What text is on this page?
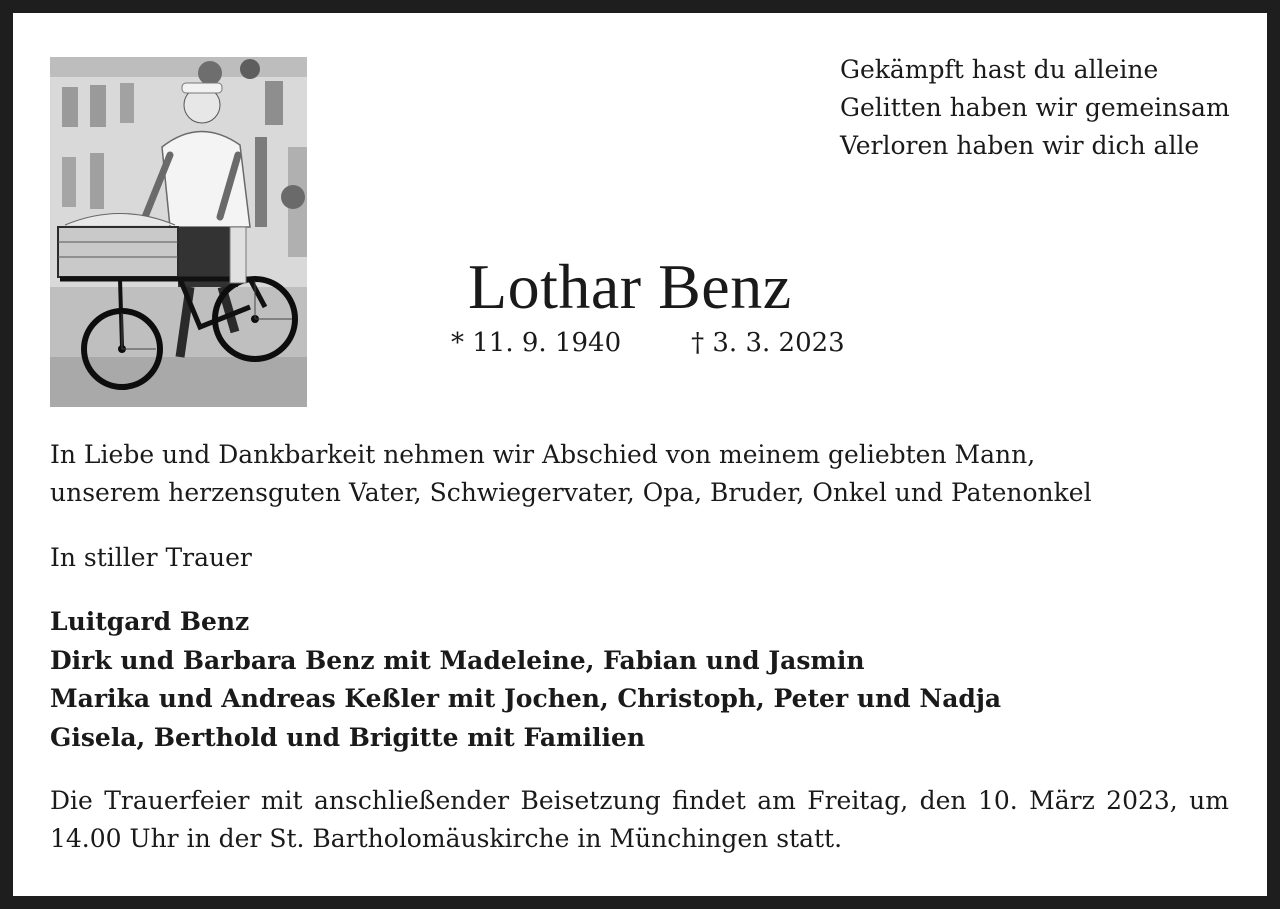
Gekämpft hast du alleine
Gelitten haben wir gemeinsam
Verloren haben wir dich alle
Lothar Benz
* 11. 9. 1940	† 3. 3. 2023
In Liebe und Dankbarkeit nehmen wir Abschied von meinem geliebten Mann,
unserem herzensguten Vater, Schwiegervater, Opa, Bruder, Onkel und Patenonkel
In stiller Trauer
Luitgard Benz
Dirk und Barbara Benz mit Madeleine, Fabian und Jasmin
Marika und Andreas Keßler mit Jochen, Christoph, Peter und Nadja
Gisela, Berthold und Brigitte mit Familien
Die Trauerfeier mit anschließender Beisetzung findet am Freitag, den 10. März 2023, um
14.00 Uhr in der St. Bartholomäuskirche in Münchingen statt.
